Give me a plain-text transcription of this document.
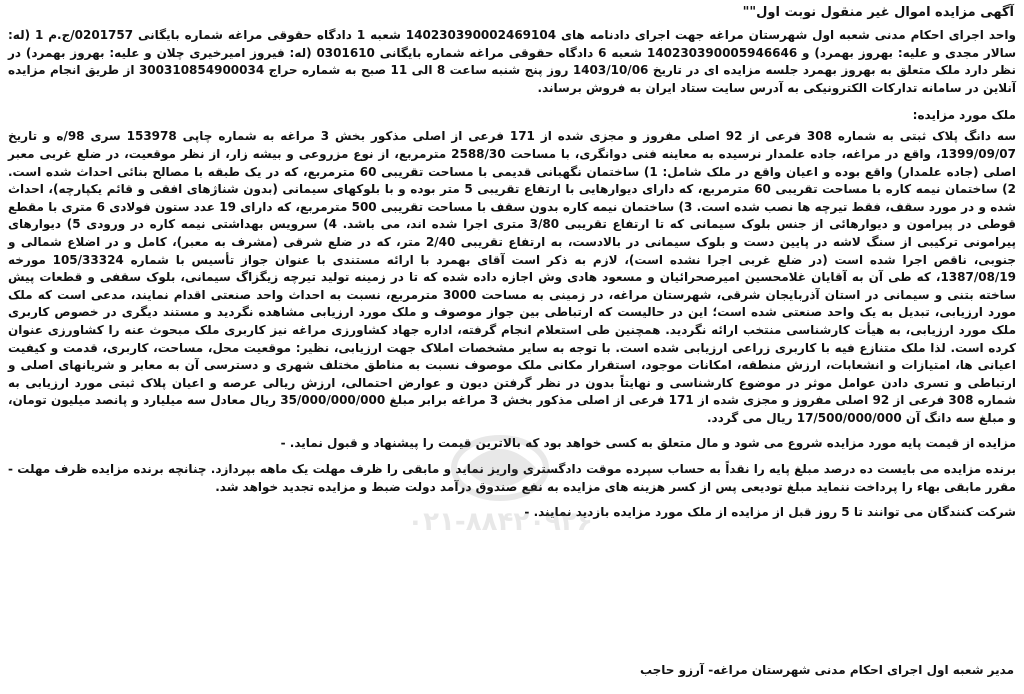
آگهی مزایده اموال غیر منقول نوبت اول""

واحد اجرای احکام مدنی شعبه اول شهرستان مراغه جهت اجرای دادنامه های 140230390002469104 شعبه 1 دادگاه حقوقی مراغه شماره بایگانی 0201757/ج.م 1 (له: سالار مجدی و علیه: بهروز بهمرد) و 140230390005946646 شعبه 6 دادگاه حقوقی مراغه شماره بایگانی 0301610 (له: فیروز امیرخیری چلان و علیه: بهروز بهمرد) در نظر دارد ملک متعلق به بهروز بهمرد جلسه مزایده ای در تاریخ 1403/10/06 روز پنج شنبه ساعت 8 الی 11 صبح به شماره حراج 300310854900034 از طریق انجام مزایده آنلاین در سامانه تدارکات الکترونیکی به آدرس سایت ستاد ایران به فروش برساند.

ملک مورد مزایده:

سه دانگ پلاک ثبتی به شماره 308 فرعی از 92 اصلی مفروز و مجزی شده از 171 فرعی از اصلی مذکور بخش 3 مراغه به شماره چاپی 153978 سری 98/ه و تاریخ 1399/09/07، واقع در مراغه، جاده علمدار نرسیده به معاینه فنی دوانگری، با مساحت 2588/30 مترمربع، از نوع مزروعی و بیشه زار، از نظر موقعیت، در ضلع غربی معبر اصلی (جاده علمدار) واقع بوده و اعیان واقع در ملک شامل: 1) ساختمان نگهبانی قدیمی با مساحت تقریبی 60 مترمربع، که در یک طبقه با مصالح بنائی احداث شده است. 2) ساختمان نیمه کاره با مساحت تقریبی 60 مترمربع، که دارای دیوارهایی با ارتفاع تقریبی 5 متر بوده و با بلوکهای سیمانی (بدون شناژهای افقی و قائم یکپارچه)، احداث شده و در مورد سقف، فقط تیرچه ها نصب شده است. 3) ساختمان نیمه کاره بدون سقف با مساحت تقریبی 500 مترمربع، که دارای 19 عدد ستون فولادی 6 متری با مقطع قوطی در پیرامون و دیوارهائی از جنس بلوک سیمانی که تا ارتفاع تقریبی 3/80 متری اجرا شده اند، می باشد. 4) سرویس بهداشتی نیمه کاره در ورودی 5) دیوارهای پیرامونی ترکیبی از سنگ لاشه در پایین دست و بلوک سیمانی در بالادست، به ارتفاع تقریبی 2/40 متر، که در ضلع شرقی (مشرف به معبر)، کامل و در اضلاع شمالی و جنوبی، ناقص اجرا شده است (در ضلع غربی اجرا نشده است)، لازم به ذکر است آقای بهمرد با ارائه مستندی با عنوان جواز تأسیس با شماره 105/33324 مورخه 1387/08/19، که طی آن به آقایان غلامحسین امیرصحرائیان و مسعود هادی وش اجازه داده شده که تا در زمینه تولید تیرچه زیگزاگ سیمانی، بلوک سقفی و قطعات پیش ساخته بتنی و سیمانی در استان آذربایجان شرقی، شهرستان مراغه، در زمینی به مساحت 3000 مترمربع، نسبت به احداث واحد صنعتی اقدام نمایند، مدعی است که ملک مورد ارزیابی، تبدیل به یک واحد صنعتی شده است؛ این در حالیست که ارتباطی بین جواز موصوف و ملک مورد ارزیابی مشاهده نگردید و مستند دیگری در خصوص کاربری ملک مورد ارزیابی، به هیأت کارشناسی منتخب ارائه نگردید. همچنین طی استعلام انجام گرفته، اداره جهاد کشاورزی مراغه نیز کاربری ملک مبحوث عنه را کشاورزی عنوان کرده است. لذا ملک متنازع فیه با کاربری زراعی ارزیابی شده است. با توجه به سایر مشخصات املاک جهت ارزیابی، نظیر: موقعیت محل، مساحت، کاربری، قدمت و کیفیت اعیانی ها، امتیازات و انشعابات، ارزش منطقه، امکانات موجود، استقرار مکانی ملک موصوف نسبت به مناطق مختلف شهری و دسترسی آن به معابر و شریانهای اصلی و ارتباطی و تسری دادن عوامل موثر در موضوع کارشناسی و نهایتاً بدون در نظر گرفتن دیون و عوارض احتمالی، ارزش ریالی عرصه و اعیان پلاک ثبتی مورد ارزیابی به شماره 308 فرعی از 92 اصلی مفروز و مجزی شده از 171 فرعی از اصلی مذکور بخش 3 مراغه برابر مبلغ 35/000/000/000 ریال معادل سه میلیارد و پانصد میلیون تومان، و مبلغ سه دانگ آن 17/500/000/000 ریال می گردد.

مزایده از قیمت پایه مورد مزایده شروع می شود و مال متعلق به کسی خواهد بود که بالاترین قیمت را پیشنهاد و قبول نماید. -

برنده مزایده می بایست ده درصد مبلغ پایه را نقداً به حساب سپرده موقت دادگستری واریز نماید و مابقی را ظرف مهلت یک ماهه بپردازد. چنانچه برنده مزایده ظرف مهلت - مقرر مابقی بهاء را پرداخت ننماید مبلغ تودیعی پس از کسر هزینه های مزایده به نفع صندوق درآمد دولت ضبط و مزایده تجدید خواهد شد.

شرکت کنندگان می توانند تا 5 روز قبل از مزایده از ملک مورد مزایده بازدید نمایند. -

مدیر شعبه اول اجرای احکام مدنی شهرستان مراغه- آرزو حاجب
۰۲۱-۸۸۴۲۰۹۲۶
